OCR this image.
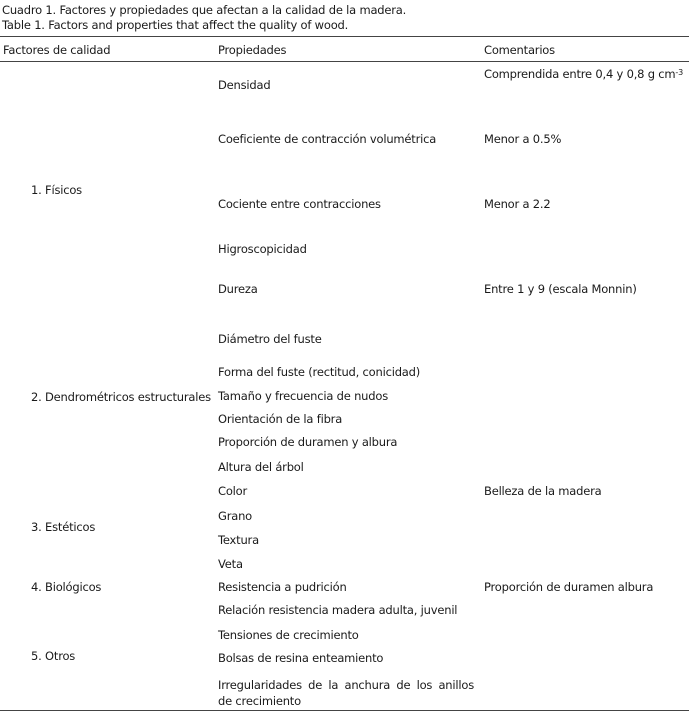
Cuadro 1. Factores y propiedades que afectan a la calidad de la madera.
Table 1. Factors and properties that affect the quality of wood.
Factores de calidad	Propiedades	Comentarios
1. Físicos
2. Dendrométricos estructurales
3. Estéticos
4. Biológicos
5. Otros
Densidad
Coeficiente de contracción volumétrica
Cociente entre contracciones
Higroscopicidad
Dureza
Diámetro del fuste
Forma del fuste (rectitud, conicidad)
Tamaño y frecuencia de nudos
Orientación de la fibra
Proporción de duramen y albura
Altura del árbol
Color
Grano
Textura
Veta
Resistencia a pudrición
Relación resistencia madera adulta, juvenil
Tensiones de crecimiento
Bolsas de resina enteamiento
Irregularidades de la anchura de los anillos de crecimiento
Comprendida entre 0,4 y 0,8 g $cm^{-3}$
Menor a 0.5%
Menor a 2.2
Entre 1 y 9 (escala Monnin)
Belleza de la madera
Proporción de duramen albura
